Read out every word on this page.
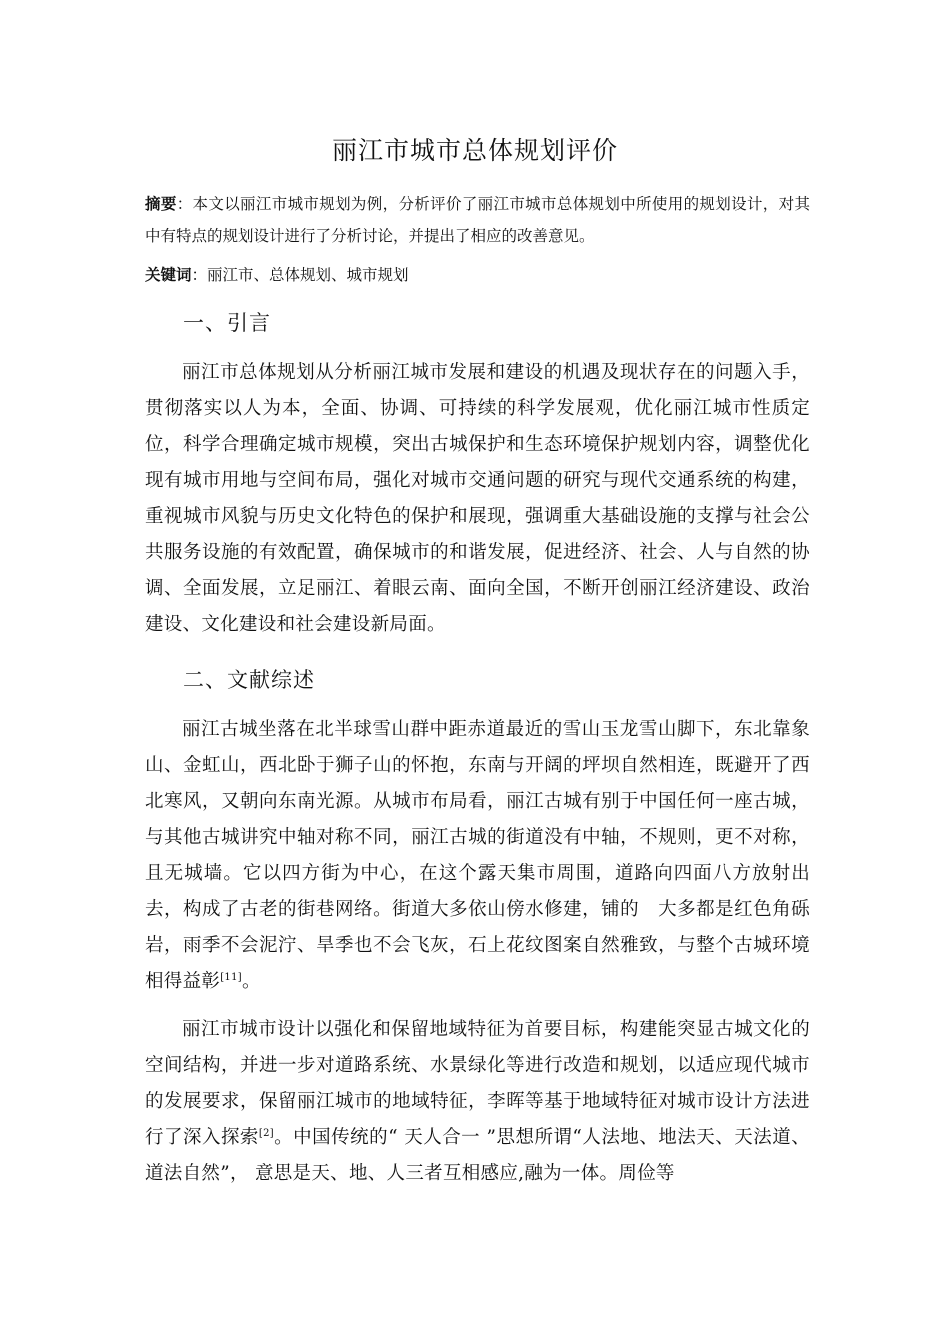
丽江市城市总体规划评价
摘要：本文以丽江市城市规划为例，分析评价了丽江市城市总体规划中所使用的规划设计，对其中有特点的规划设计进行了分析讨论，并提出了相应的改善意见。
关键词：丽江市、总体规划、城市规划
一、引言
丽江市总体规划从分析丽江城市发展和建设的机遇及现状存在的问题入手，贯彻落实以人为本，全面、协调、可持续的科学发展观，优化丽江城市性质定位，科学合理确定城市规模，突出古城保护和生态环境保护规划内容，调整优化现有城市用地与空间布局，强化对城市交通问题的研究与现代交通系统的构建，重视城市风貌与历史文化特色的保护和展现，强调重大基础设施的支撑与社会公共服务设施的有效配置，确保城市的和谐发展，促进经济、社会、人与自然的协调、全面发展，立足丽江、着眼云南、面向全国，不断开创丽江经济建设、政治建设、文化建设和社会建设新局面。
二、文献综述
丽江古城坐落在北半球雪山群中距赤道最近的雪山玉龙雪山脚下，东北靠象　山、金虹山，西北卧于狮子山的怀抱，东南与开阔的坪坝自然相连，既避开了西北寒风，又朝向东南光源。从城市布局看，丽江古城有别于中国任何一座古城，与其他古城讲究中轴对称不同，丽江古城的街道没有中轴，不规则，更不对称，且无城墙。它以四方街为中心，在这个露天集市周围，道路向四面八方放射出去，构成了古老的街巷网络。街道大多依山傍水修建，铺的　大多都是红色角砾岩，雨季不会泥泞、旱季也不会飞灰，石上花纹图案自然雅致，与整个古城环境相得益彰[11]。
丽江市城市设计以强化和保留地域特征为首要目标，构建能突显古城文化的空间结构，并进一步对道路系统、水景绿化等进行改造和规划，以适应现代城市的发展要求，保留丽江城市的地域特征，李晖等基于地域特征对城市设计方法进行了深入探索[2]。中国传统的“ 天人合一 ”思想所谓“人法地、地法天、天法道、道法自然”， 意思是天、地、人三者互相感应,融为一体。周俭等
